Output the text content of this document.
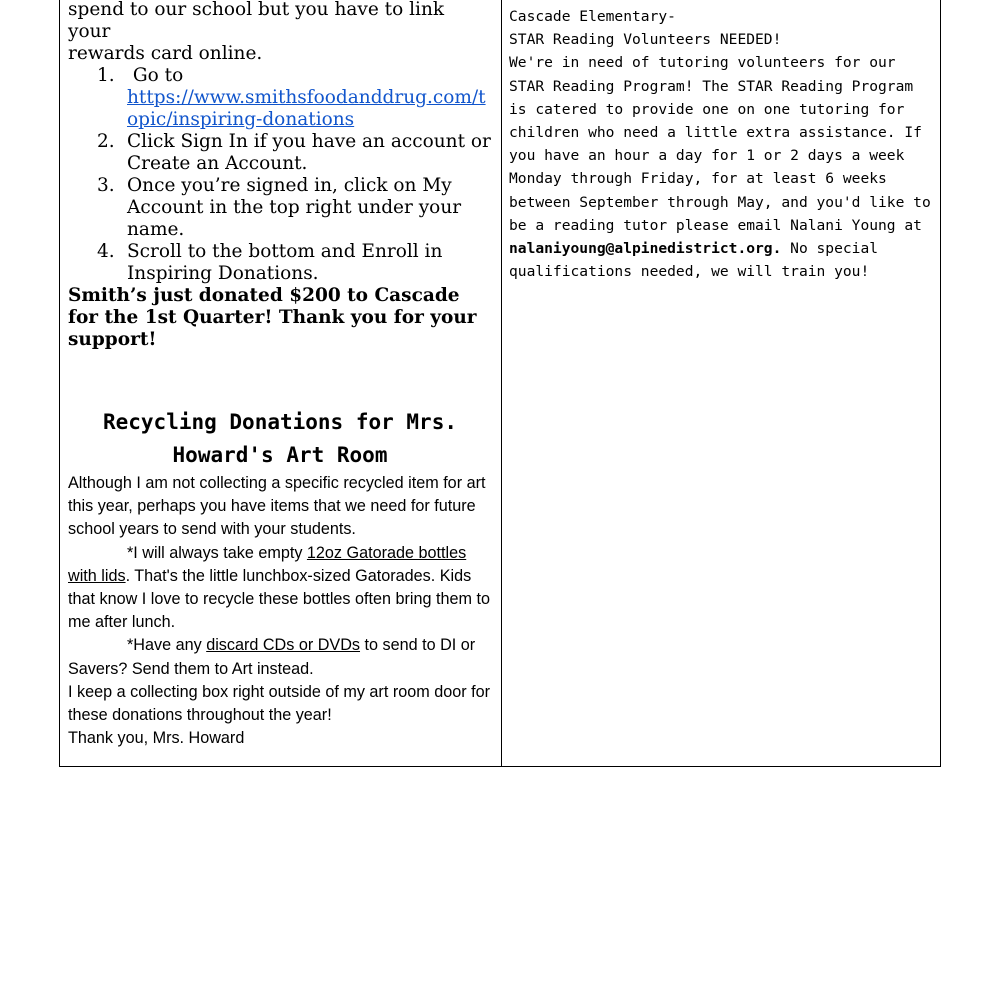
spend to our school but you have to link your

rewards card online.

1. Go to
https://www.smithsfoodanddrug.com/topic/inspiring-donations
2. Click Sign In if you have an account or Create an Account.
3. Once you’re signed in, click on My Account in the top right under your name.
4. Scroll to the bottom and Enroll in Inspiring Donations.

Smith’s just donated $200 to Cascade for the 1st Quarter! Thank you for your support!

Recycling Donations for Mrs. Howard's Art Room

Although I am not collecting a specific recycled item for art this year, perhaps you have items that we need for future school years to send with your students.

*I will always take empty 12oz Gatorade bottles with lids. That's the little lunchbox-sized Gatorades. Kids that know I love to recycle these bottles often bring them to me after lunch.

*Have any discard CDs or DVDs to send to DI or Savers? Send them to Art instead.

I keep a collecting box right outside of my art room door for these donations throughout the year!

Thank you, Mrs. Howard

Cascade Elementary-

STAR Reading Volunteers NEEDED!

We're in need of tutoring volunteers for our STAR Reading Program! The STAR Reading Program is catered to provide one on one tutoring for children who need a little extra assistance. If you have an hour a day for 1 or 2 days a week Monday through Friday, for at least 6 weeks between September through May, and you'd like to be a reading tutor please email Nalani Young at nalaniyoung@alpinedistrict.org. No special qualifications needed, we will train you!
